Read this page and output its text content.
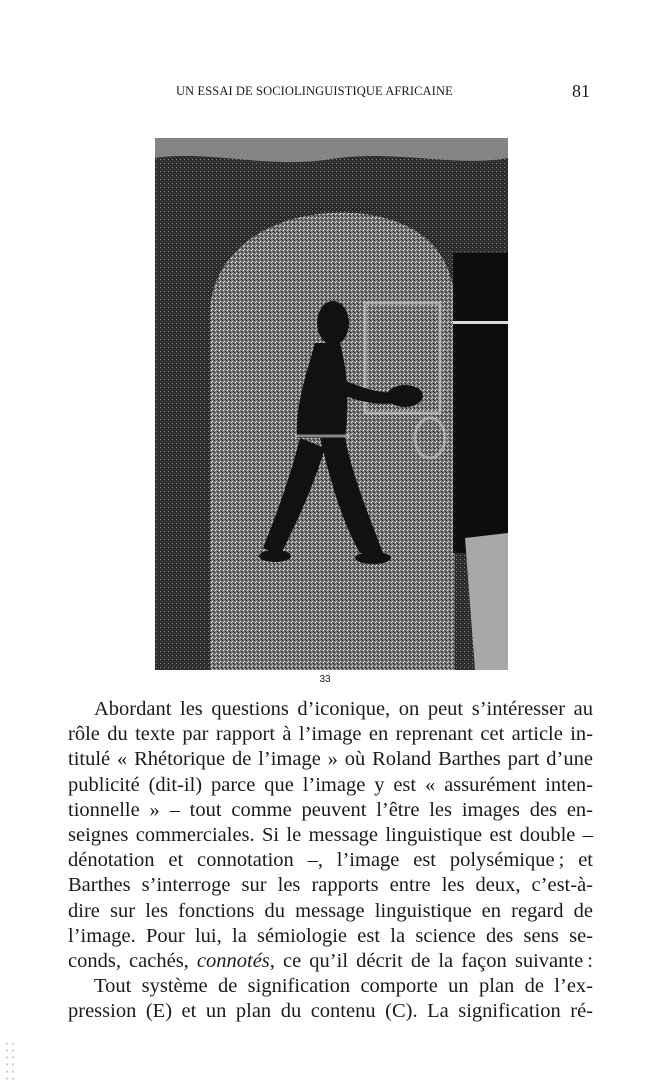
UN ESSAI DE SOCIOLINGUISTIQUE AFRICAINE	81
33
Abordant les questions d’iconique, on peut s’intéresser au
rôle du texte par rapport à l’image en reprenant cet article in-
titulé « Rhétorique de l’image » où Roland Barthes part d’une
publicité (dit-il) parce que l’image y est « assurément inten-
tionnelle » – tout comme peuvent l’être les images des en-
seignes commerciales. Si le message linguistique est double –
dénotation et connotation –, l’image est polysémique ; et
Barthes s’interroge sur les rapports entre les deux, c’est-à-
dire sur les fonctions du message linguistique en regard de
l’image. Pour lui, la sémiologie est la science des sens se-
conds, cachés, connotés, ce qu’il décrit de la façon suivante :
Tout système de signification comporte un plan de l’ex-
pression (E) et un plan du contenu (C). La signification ré-
